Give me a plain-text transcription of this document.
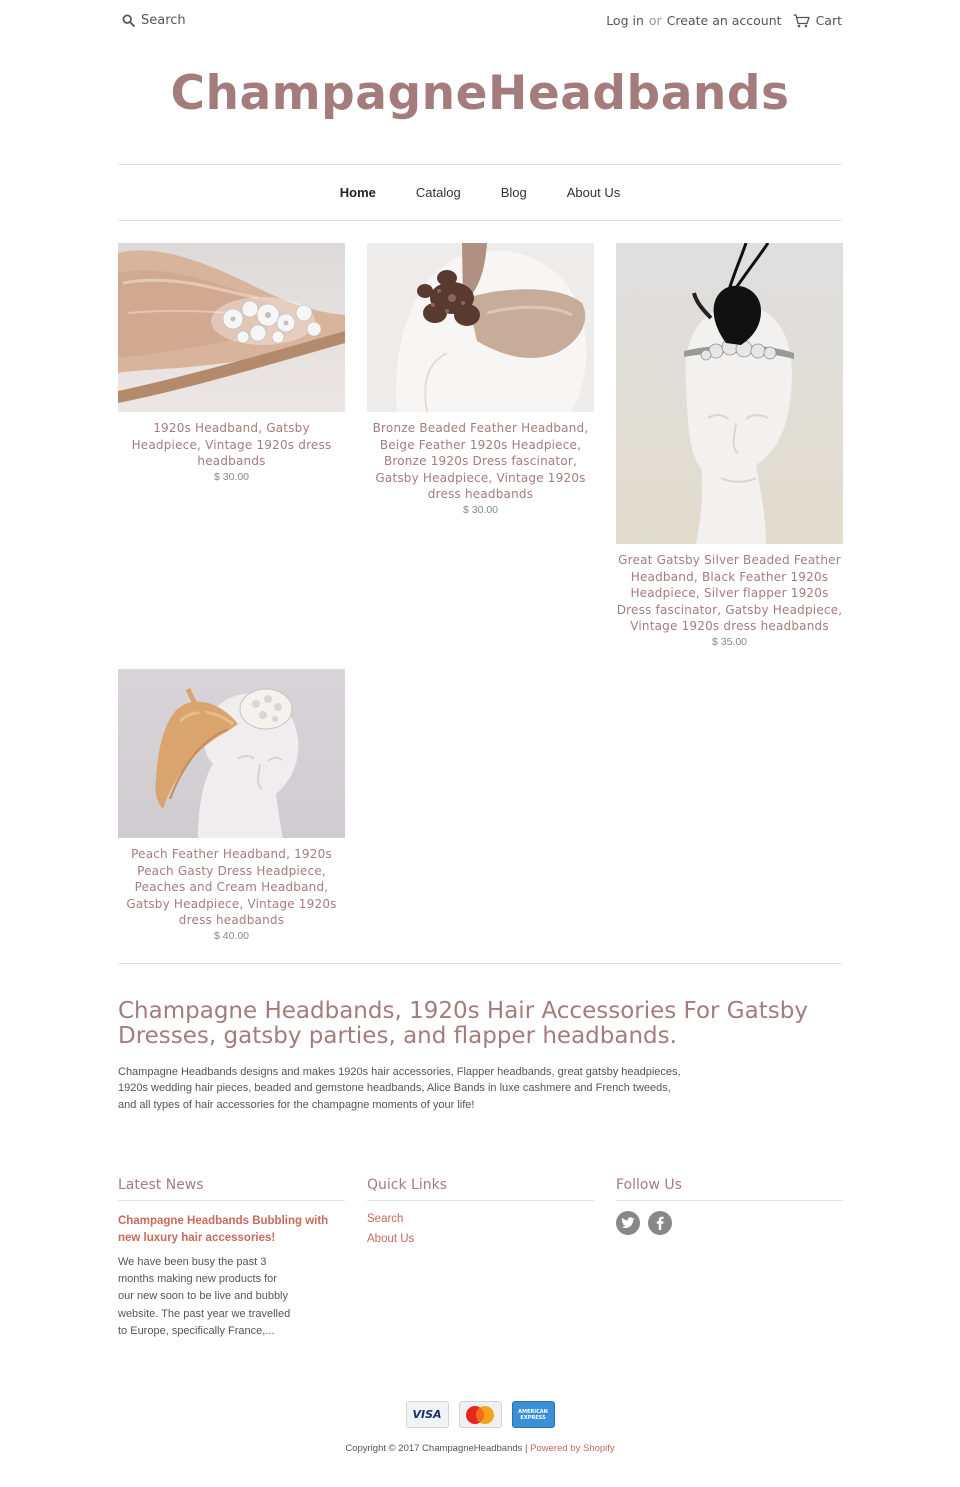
Search	Log in or Create an account	Cart
ChampagneHeadbands
Home	Catalog	Blog	About Us
1920s Headband, Gatsby Headpiece, Vintage 1920s dress headbands
$ 30.00
Bronze Beaded Feather Headband, Beige Feather 1920s Headpiece, Bronze 1920s Dress fascinator, Gatsby Headpiece, Vintage 1920s dress headbands
$ 30.00
Great Gatsby Silver Beaded Feather Headband, Black Feather 1920s Headpiece, Silver flapper 1920s Dress fascinator, Gatsby Headpiece, Vintage 1920s dress headbands
$ 35.00
Peach Feather Headband, 1920s Peach Gasty Dress Headpiece, Peaches and Cream Headband, Gatsby Headpiece, Vintage 1920s dress headbands
$ 40.00
Champagne Headbands, 1920s Hair Accessories For Gatsby Dresses, gatsby parties, and flapper headbands.
Champagne Headbands designs and makes 1920s hair accessories, Flapper headbands, great gatsby headpieces, 1920s wedding hair pieces, beaded and gemstone headbands, Alice Bands in luxe cashmere and French tweeds, and all types of hair accessories for the champagne moments of your life!
Latest News
Champagne Headbands Bubbling with new luxury hair accessories!
We have been busy the past 3 months making new products for our new soon to be live and bubbly website. The past year we travelled to Europe, specifically France,...
Quick Links
Search
About Us
Follow Us
VISA	AMERICAN EXPRESS
Copyright © 2017 ChampagneHeadbands | Powered by Shopify
